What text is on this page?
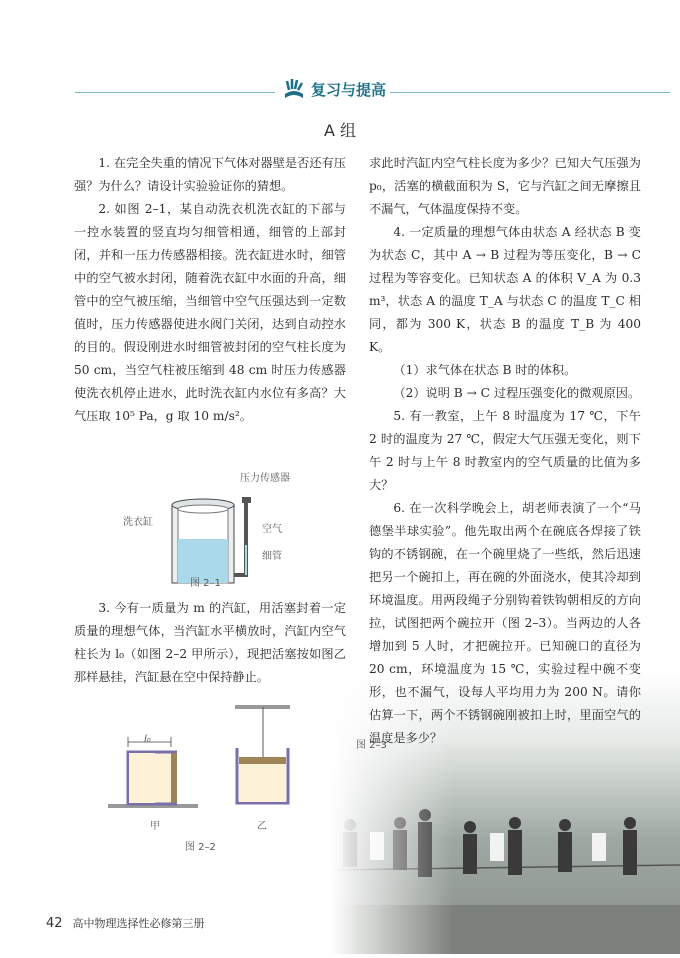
复习与提高
A 组

1. 在完全失重的情况下气体对器壁是否还有压强？为什么？请设计实验验证你的猜想。

2. 如图 2–1，某自动洗衣机洗衣缸的下部与一控水装置的竖直均匀细管相通，细管的上部封闭，并和一压力传感器相接。洗衣缸进水时，细管中的空气被水封闭，随着洗衣缸中水面的升高，细管中的空气被压缩，当细管中空气压强达到一定数值时，压力传感器使进水阀门关闭，达到自动控水的目的。假设刚进水时细管被封闭的空气柱长度为 50 cm，当空气柱被压缩到 48 cm 时压力传感器使洗衣机停止进水，此时洗衣缸内水位有多高？大气压取 10⁵ Pa，g 取 10 m/s²。

3. 今有一质量为 m 的汽缸，用活塞封着一定质量的理想气体，当汽缸水平横放时，汽缸内空气柱长为 l₀（如图 2–2 甲所示），现把活塞按如图乙那样悬挂，汽缸悬在空中保持静止。

压力传感器
洗衣缸
空气
细管
图 2–1

求此时汽缸内空气柱长度为多少？已知大气压强为 p₀，活塞的横截面积为 S，它与汽缸之间无摩擦且不漏气，气体温度保持不变。

4. 一定质量的理想气体由状态 A 经状态 B 变为状态 C，其中 A → B 过程为等压变化，B → C 过程为等容变化。已知状态 A 的体积 V_A 为 0.3 m³，状态 A 的温度 T_A 与状态 C 的温度 T_C 相同，都为 300 K，状态 B 的温度 T_B 为 400 K。

（1）求气体在状态 B 时的体积。

（2）说明 B → C 过程压强变化的微观原因。

5. 有一教室，上午 8 时温度为 17 ℃，下午 2 时的温度为 27 ℃，假定大气压强无变化，则下午 2 时与上午 8 时教室内的空气质量的比值为多大？

6. 在一次科学晚会上，胡老师表演了一个“马德堡半球实验”。他先取出两个在碗底各焊接了铁钩的不锈钢碗，在一个碗里烧了一些纸，然后迅速把另一个碗扣上，再在碗的外面浇水，使其冷却到环境温度。用两段绳子分别钩着铁钩朝相反的方向拉，试图把两个碗拉开（图 2–3）。当两边的人各增加到 5 人时，才把碗拉开。已知碗口的直径为 20 cm，环境温度为 15 ℃，实验过程中碗不变形，也不漏气，设每人平均用力为 200 N。请你估算一下，两个不锈钢碗刚被扣上时，里面空气的温度是多少？

图 2–3
l₀
甲	乙
图 2–2
42 高中物理选择性必修第三册
